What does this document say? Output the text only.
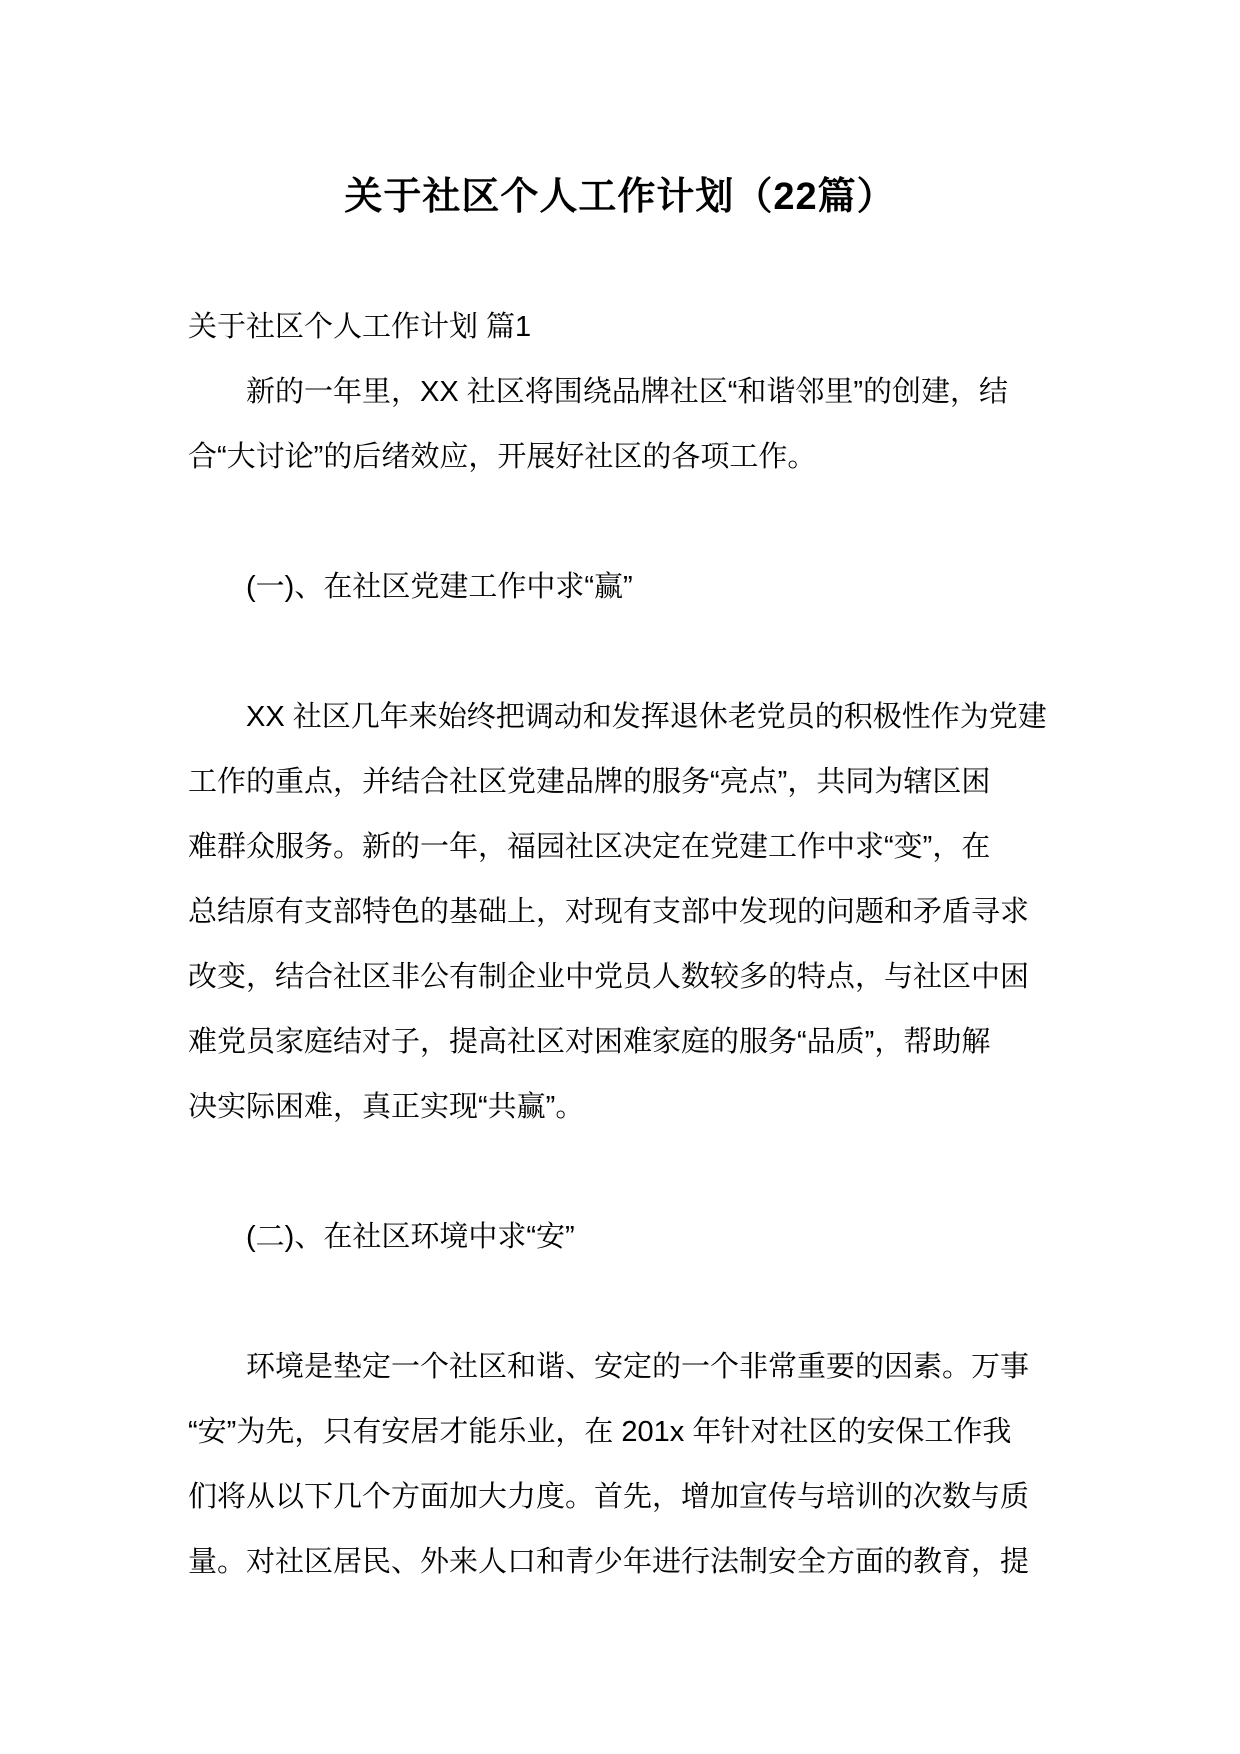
关于社区个人工作计划（22篇）
关于社区个人工作计划 篇1
新的一年里，XX 社区将围绕品牌社区“和谐邻里”的创建，结
合“大讨论”的后绪效应，开展好社区的各项工作。
(一)、在社区党建工作中求“赢”
XX 社区几年来始终把调动和发挥退休老党员的积极性作为党建
工作的重点，并结合社区党建品牌的服务“亮点”，共同为辖区困
难群众服务。新的一年，福园社区决定在党建工作中求“变”，在
总结原有支部特色的基础上，对现有支部中发现的问题和矛盾寻求
改变，结合社区非公有制企业中党员人数较多的特点，与社区中困
难党员家庭结对子，提高社区对困难家庭的服务“品质”，帮助解
决实际困难，真正实现“共赢”。
(二)、在社区环境中求“安”
环境是垫定一个社区和谐、安定的一个非常重要的因素。万事
“安”为先，只有安居才能乐业，在 201x 年针对社区的安保工作我
们将从以下几个方面加大力度。首先，增加宣传与培训的次数与质
量。对社区居民、外来人口和青少年进行法制安全方面的教育，提
